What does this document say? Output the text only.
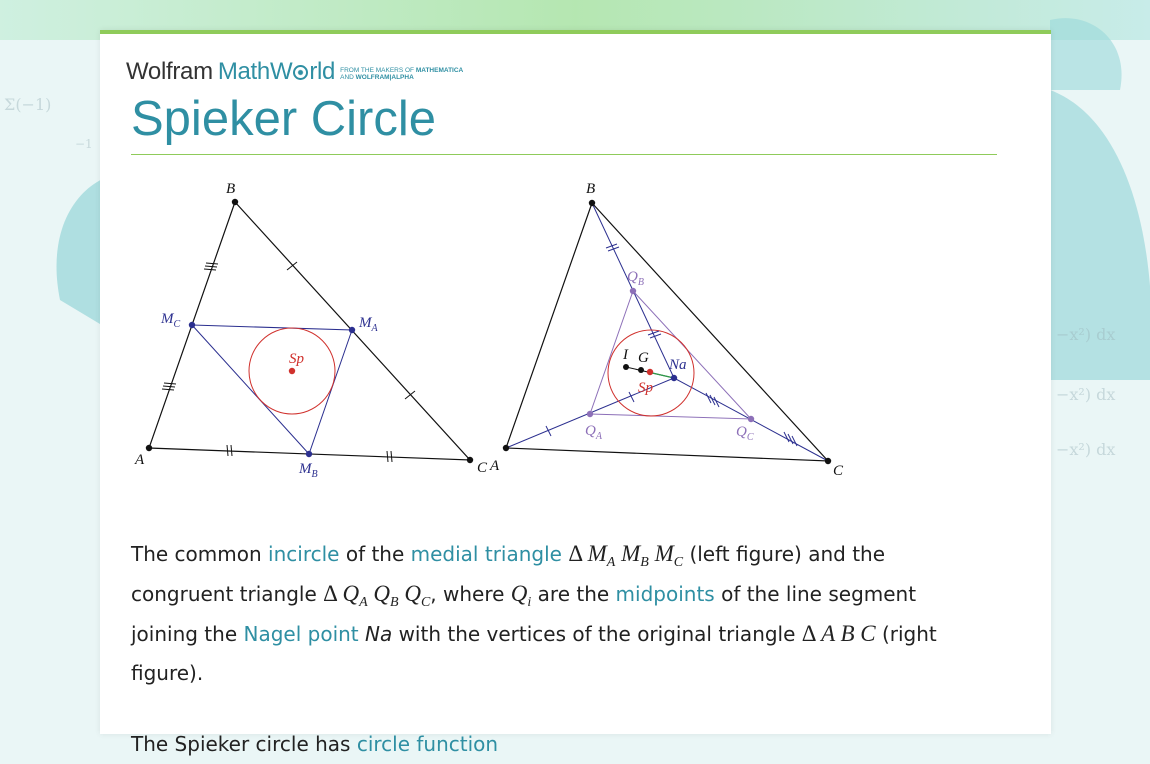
Σ(−1)
−1
−x²) dx
−x²) dx
−x²) dx
Wolfram MathW rld FROM THE MAKERS OF MATHEMATICA
AND WOLFRAM|ALPHA
Spieker Circle
B
A	C
$M_C$	$M_A$
$M_B$
Sp
B
A	C
$Q_B$
$Q_A$	$Q_C$
I G Na
Sp

The common incircle of the medial triangle Δ $M_A$ $M_B$ $M_C$ (left figure) and the congruent triangle Δ $Q_A$ $Q_B$ $Q_C$, where $Q_i$ are the midpoints of the line segment joining the Nagel point Na with the vertices of the original triangle Δ A B C (right figure).

The Spieker circle has circle function
